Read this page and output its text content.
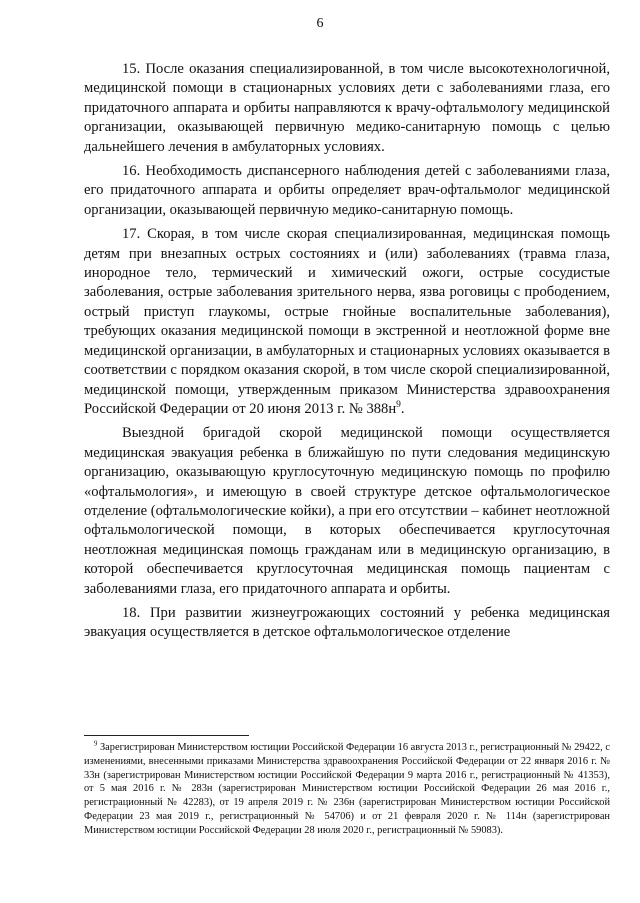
6

15. После оказания специализированной, в том числе высокотехнологичной, медицинской помощи в стационарных условиях дети с заболеваниями глаза, его придаточного аппарата и орбиты направляются к врачу-офтальмологу медицинской организации, оказывающей первичную медико-санитарную помощь с целью дальнейшего лечения в амбулаторных условиях.

16. Необходимость диспансерного наблюдения детей с заболеваниями глаза, его придаточного аппарата и орбиты определяет врач-офтальмолог медицинской организации, оказывающей первичную медико-санитарную помощь.

17. Скорая, в том числе скорая специализированная, медицинская помощь детям при внезапных острых состояниях и (или) заболеваниях (травма глаза, инородное тело, термический и химический ожоги, острые сосудистые заболевания, острые заболевания зрительного нерва, язва роговицы с прободением, острый приступ глаукомы, острые гнойные воспалительные заболевания), требующих оказания медицинской помощи в экстренной и неотложной форме вне медицинской организации, в амбулаторных и стационарных условиях оказывается в соответствии с порядком оказания скорой, в том числе скорой специализированной, медицинской помощи, утвержденным приказом Министерства здравоохранения Российской Федерации от 20 июня 2013 г. № $388н^9$.

Выездной бригадой скорой медицинской помощи осуществляется медицинская эвакуация ребенка в ближайшую по пути следования медицинскую организацию, оказывающую круглосуточную медицинскую помощь по профилю «офтальмология», и имеющую в своей структуре детское офтальмологическое отделение (офтальмологические койки), а при его отсутствии – кабинет неотложной офтальмологической помощи, в которых обеспечивается круглосуточная неотложная медицинская помощь гражданам или в медицинскую организацию, в которой обеспечивается круглосуточная медицинская помощь пациентам с заболеваниями глаза, его придаточного аппарата и орбиты.

18. При развитии жизнеугрожающих состояний у ребенка медицинская эвакуация осуществляется в детское офтальмологическое отделение

$^9$ Зарегистрирован Министерством юстиции Российской Федерации 16 августа 2013 г., регистрационный № 29422, с изменениями, внесенными приказами Министерства здравоохранения Российской Федерации от 22 января 2016 г. № 33н (зарегистрирован Министерством юстиции Российской Федерации 9 марта 2016 г., регистрационный № 41353), от 5 мая 2016 г. № 283н (зарегистрирован Министерством юстиции Российской Федерации 26 мая 2016 г., регистрационный № 42283), от 19 апреля 2019 г. № 236н (зарегистрирован Министерством юстиции Российской Федерации 23 мая 2019 г., регистрационный № 54706) и от 21 февраля 2020 г. № 114н (зарегистрирован Министерством юстиции Российской Федерации 28 июля 2020 г., регистрационный № 59083).
